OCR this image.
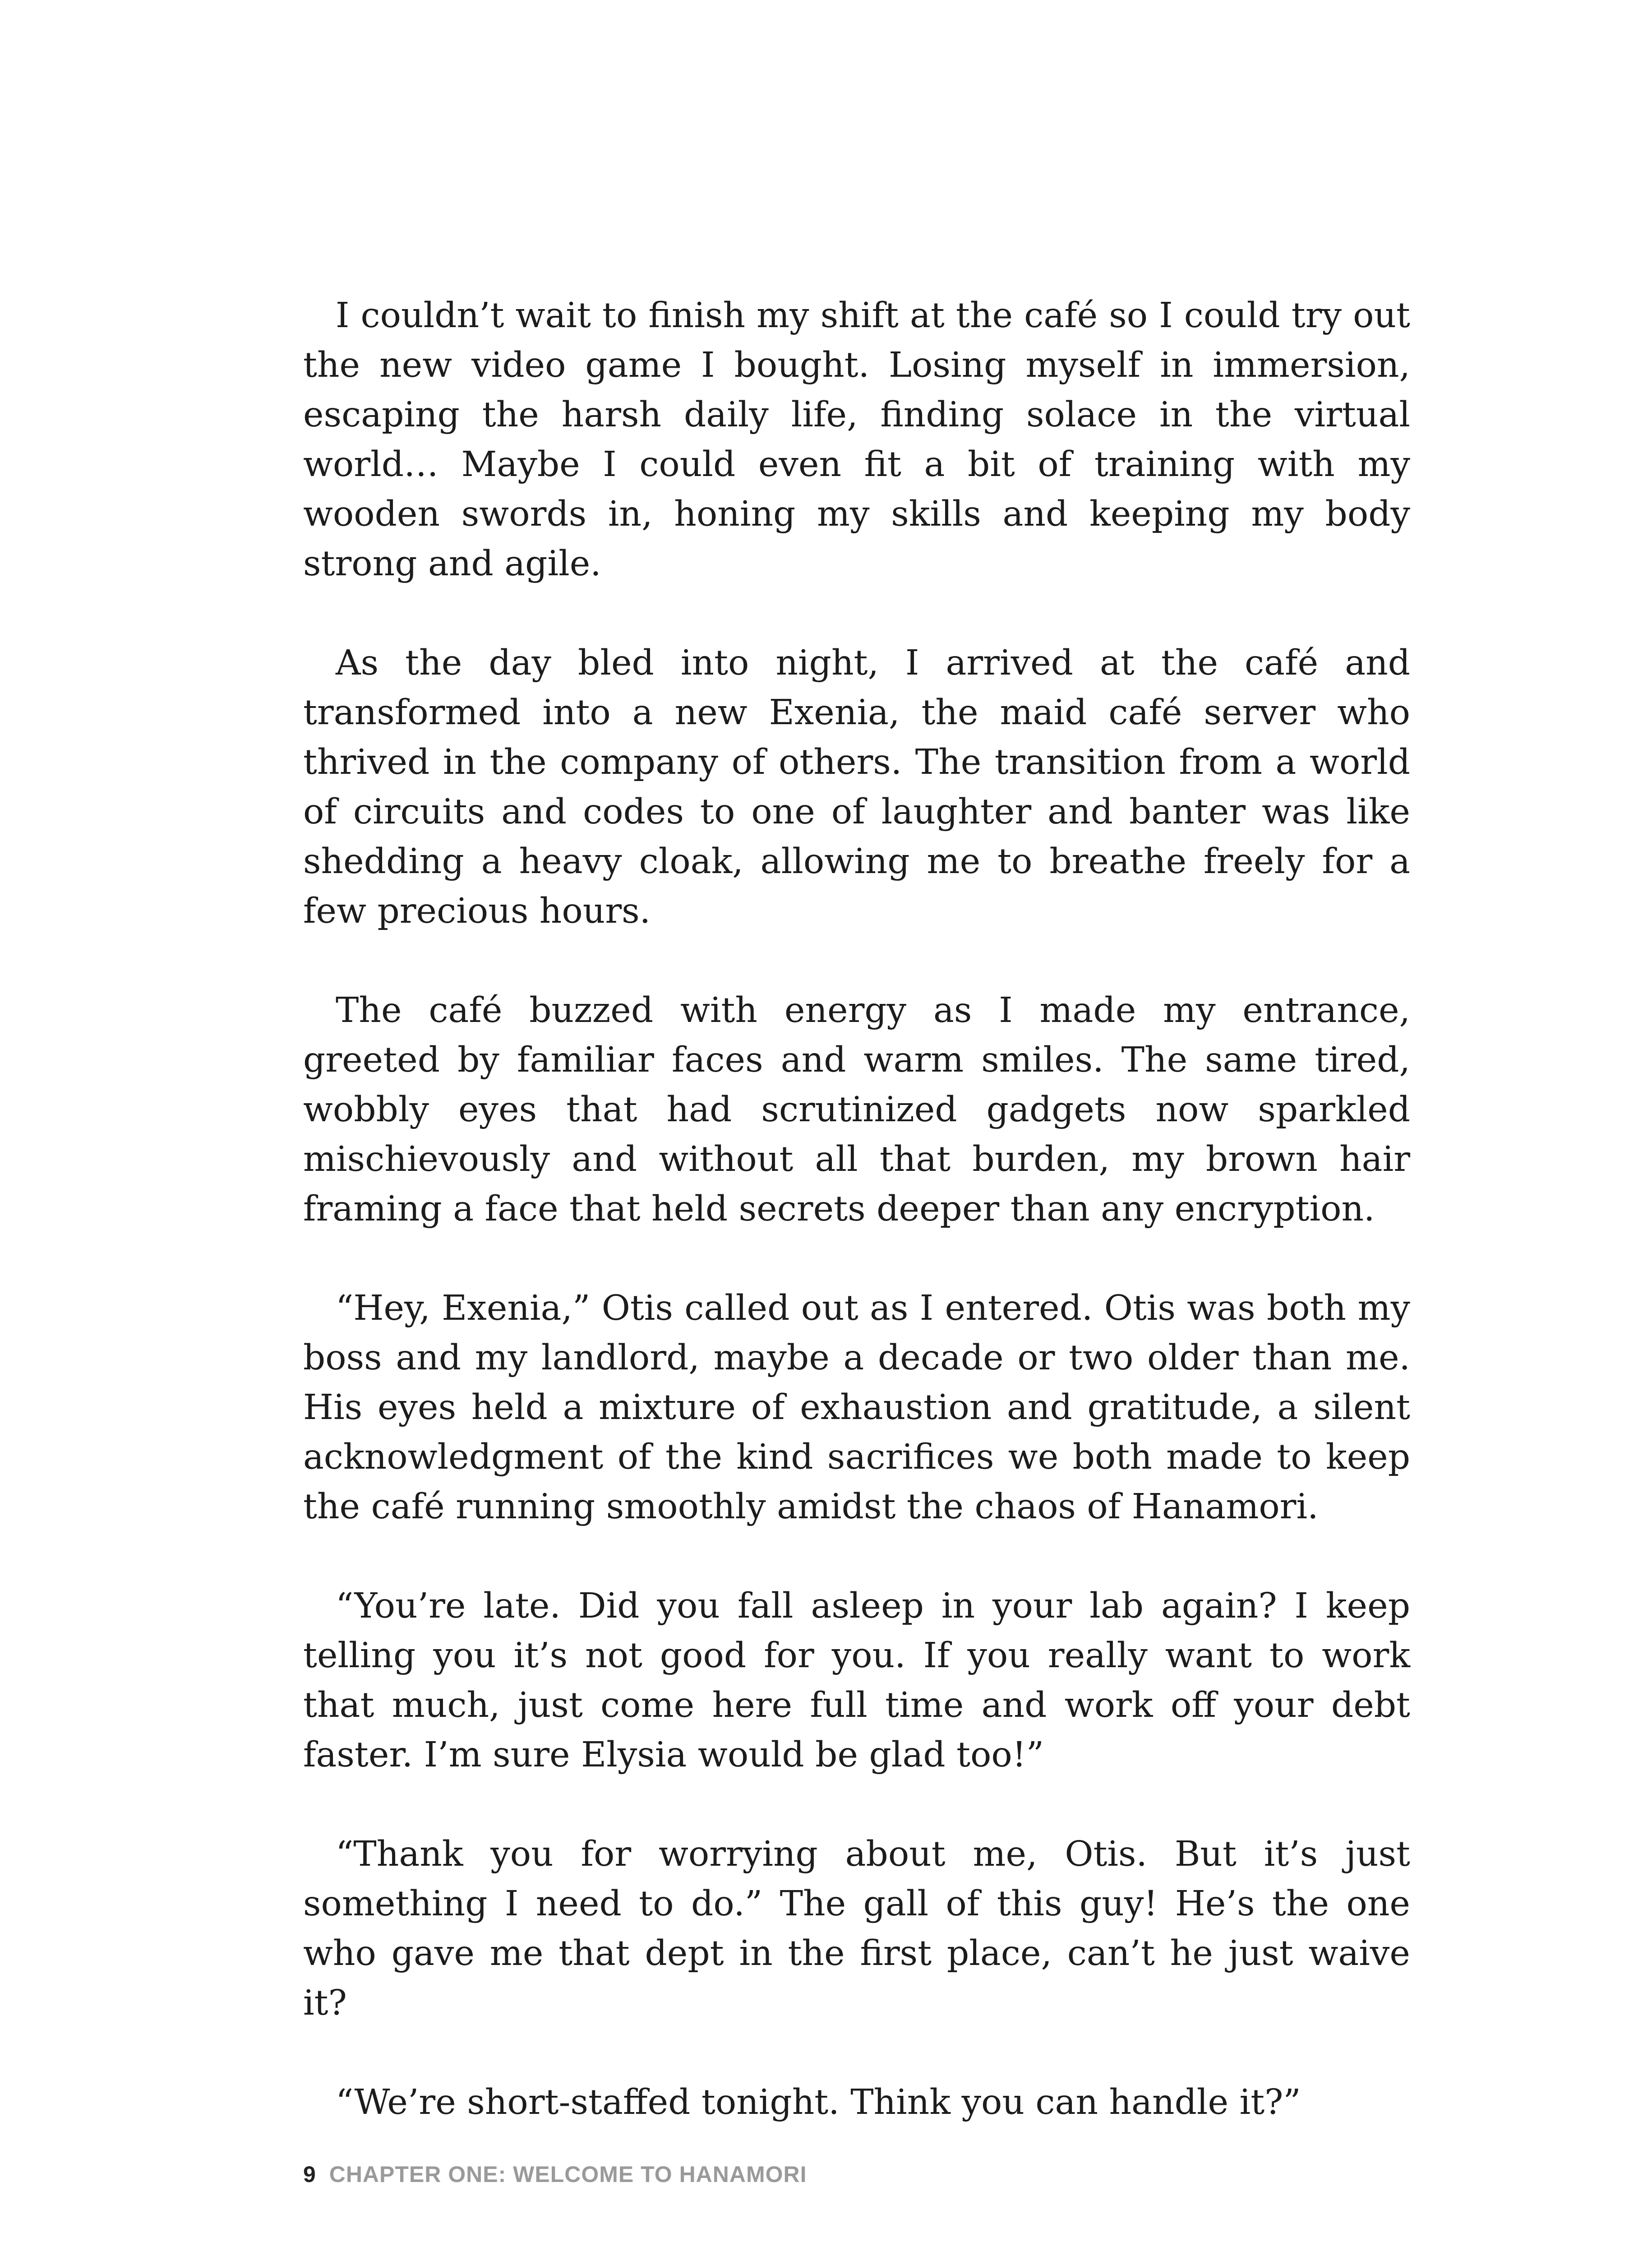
I couldn’t wait to finish my shift at the café so I could try out the new video game I bought. Losing myself in immersion, escaping the harsh daily life, finding solace in the virtual world… Maybe I could even fit a bit of training with my wooden swords in, honing my skills and keeping my body strong and agile.

As the day bled into night, I arrived at the café and transformed into a new Exenia, the maid café server who thrived in the company of others. The transition from a world of circuits and codes to one of laughter and banter was like shedding a heavy cloak, allowing me to breathe freely for a few precious hours.

The café buzzed with energy as I made my entrance, greeted by familiar faces and warm smiles. The same tired, wobbly eyes that had scrutinized gadgets now sparkled mischievously and without all that burden, my brown hair framing a face that held secrets deeper than any encryption.

“Hey, Exenia,” Otis called out as I entered. Otis was both my boss and my landlord, maybe a decade or two older than me. His eyes held a mixture of exhaustion and gratitude, a silent acknowledgment of the kind sacrifices we both made to keep the café running smoothly amidst the chaos of Hanamori.

“You’re late. Did you fall asleep in your lab again? I keep telling you it’s not good for you. If you really want to work that much, just come here full time and work off your debt faster. I’m sure Elysia would be glad too!”

“Thank you for worrying about me, Otis. But it’s just something I need to do.” The gall of this guy! He’s the one who gave me that dept in the first place, can’t he just waive it?

“We’re short-staffed tonight. Think you can handle it?”

9 CHAPTER ONE: WELCOME TO HANAMORI
